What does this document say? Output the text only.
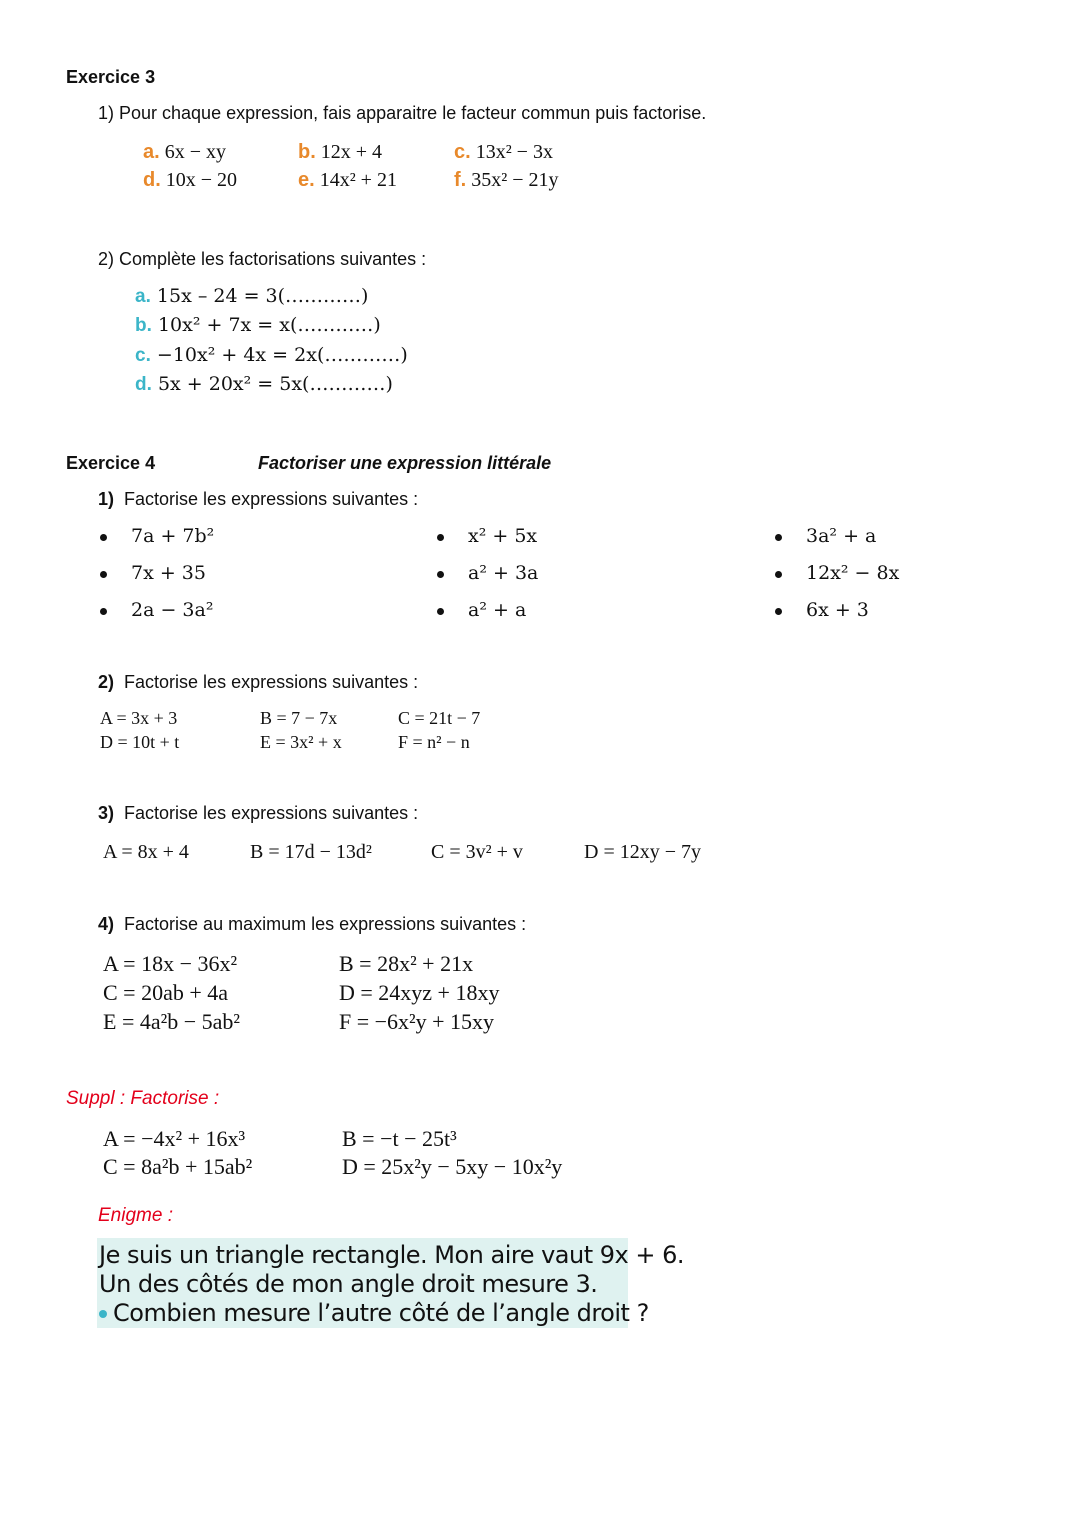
Exercice 3
1) Pour chaque expression, fais apparaitre le facteur commun puis factorise.
a. 6x − xy	b. 12x + 4	c. 13x² − 3x
d. 10x − 20	e. 14x² + 21	f. 35x² − 21y
2) Complète les factorisations suivantes :
a. 15x – 24 = 3(…………)
b. 10x² + 7x = x(…………)
c. −10x² + 4x = 2x(…………)
d. 5x + 20x² = 5x(…………)
Exercice 4	Factoriser une expression littérale
1) Factorise les expressions suivantes :
7a + 7b²	x² + 5x	3a² + a
7x + 35	a² + 3a	12x² − 8x
2a − 3a²	a² + a	6x + 3
2) Factorise les expressions suivantes :
A = 3x + 3	B = 7 − 7x	C = 21t − 7
D = 10t + t	E = 3x² + x	F = n² − n
3) Factorise les expressions suivantes :
A = 8x + 4	B = 17d − 13d²	C = 3v² + v	D = 12xy − 7y
4) Factorise au maximum les expressions suivantes :
A = 18x − 36x²	B = 28x² + 21x
C = 20ab + 4a	D = 24xyz + 18xy
E = 4a²b − 5ab²	F = −6x²y + 15xy
Suppl : Factorise :
A = −4x² + 16x³	B = −t − 25t³
C = 8a²b + 15ab²	D = 25x²y − 5xy − 10x²y
Enigme :
Je suis un triangle rectangle. Mon aire vaut 9x + 6.
Un des côtés de mon angle droit mesure 3.
Combien mesure l’autre côté de l’angle droit ?
